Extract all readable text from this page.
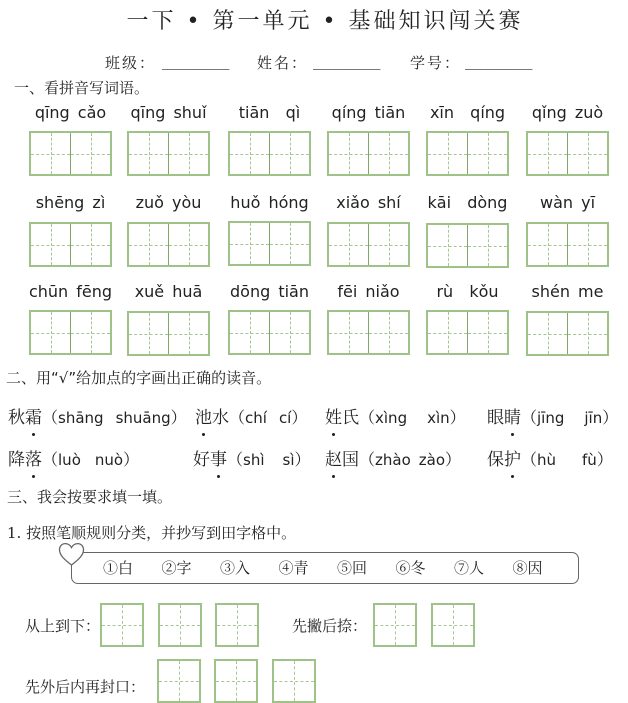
一下 • 第一单元 • 基础知识闯关赛
班级： _______ 姓名： _______ 学号： _______
一、看拼音写词语。
qīng cǎo	qīng shuǐ	tiān  qì	qíng tiān	xīn  qíng	qǐng zuò
shēng zì	zuǒ yòu	huǒ hóng	xiǎo shí	kāi  dòng	wàn yī
chūn fēng	xuě huā	dōng tiān	fēi niǎo	rù  kǒu	shén me
二、用“√”给加点的字画出正确的读音。
秋 霜 （ shāng shuāng ） 池 水 （ chí cí ） 姓 氏 （ xìng xìn ） 眼 睛 （ jīng jīn ）
降 落 （ luò nuò ）	好 事 （ shì sì ） 赵 国 （ zhào zào ） 保 护 （ hù fù ）
三、我会按要求填一填。
1. 按照笔顺规则分类，并抄写到田字格中。
①白	②字	③入	④青	⑤回	⑥冬	⑦人	⑧因
从上到下：	先撇后捺：
先外后内再封口：
